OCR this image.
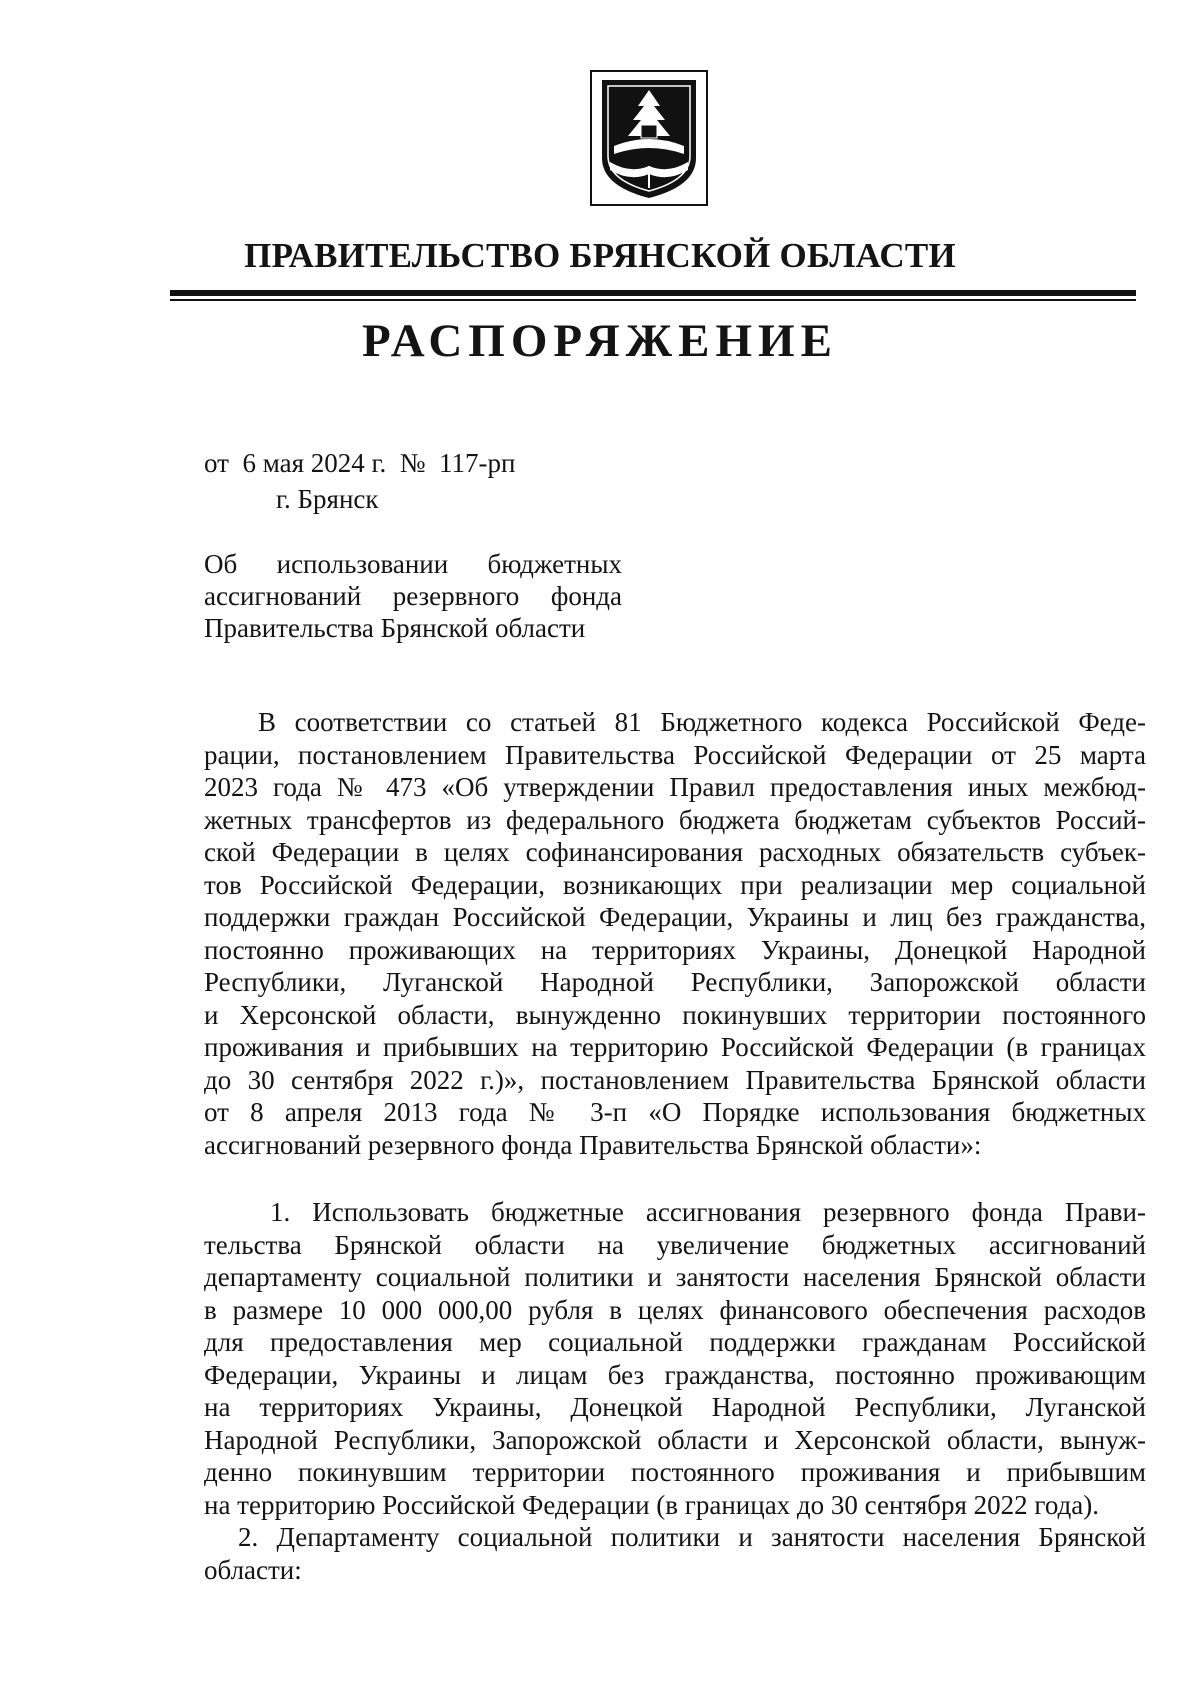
ПРАВИТЕЛЬСТВО БРЯНСКОЙ ОБЛАСТИ
РАСПОРЯЖЕНИЕ
от  6 мая 2024 г.  №  117-рп
г. Брянск
Об использовании бюджетных
ассигнований резервного фонда
Правительства Брянской области
В соответствии со статьей 81 Бюджетного кодекса Российской Феде-
рации, постановлением Правительства Российской Федерации от 25 марта
2023 года № 473 «Об утверждении Правил предоставления иных межбюд-
жетных трансфертов из федерального бюджета бюджетам субъектов Россий-
ской Федерации в целях софинансирования расходных обязательств субъек-
тов Российской Федерации, возникающих при реализации мер социальной
поддержки граждан Российской Федерации, Украины и лиц без гражданства,
постоянно проживающих на территориях Украины, Донецкой Народной
Республики, Луганской Народной Республики, Запорожской области
и Херсонской области, вынужденно покинувших территории постоянного
проживания и прибывших на территорию Российской Федерации (в границах
до 30 сентября 2022 г.)», постановлением Правительства Брянской области
от 8 апреля 2013 года № 3-п «О Порядке использования бюджетных
ассигнований резервного фонда Правительства Брянской области»:
1. Использовать бюджетные ассигнования резервного фонда Прави-
тельства Брянской области на увеличение бюджетных ассигнований
департаменту социальной политики и занятости населения Брянской области
в размере 10 000 000,00 рубля в целях финансового обеспечения расходов
для предоставления мер социальной поддержки гражданам Российской
Федерации, Украины и лицам без гражданства, постоянно проживающим
на территориях Украины, Донецкой Народной Республики, Луганской
Народной Республики, Запорожской области и Херсонской области, вынуж-
денно покинувшим территории постоянного проживания и прибывшим
на территорию Российской Федерации (в границах до 30 сентября 2022 года).
2. Департаменту социальной политики и занятости населения Брянской
области:
